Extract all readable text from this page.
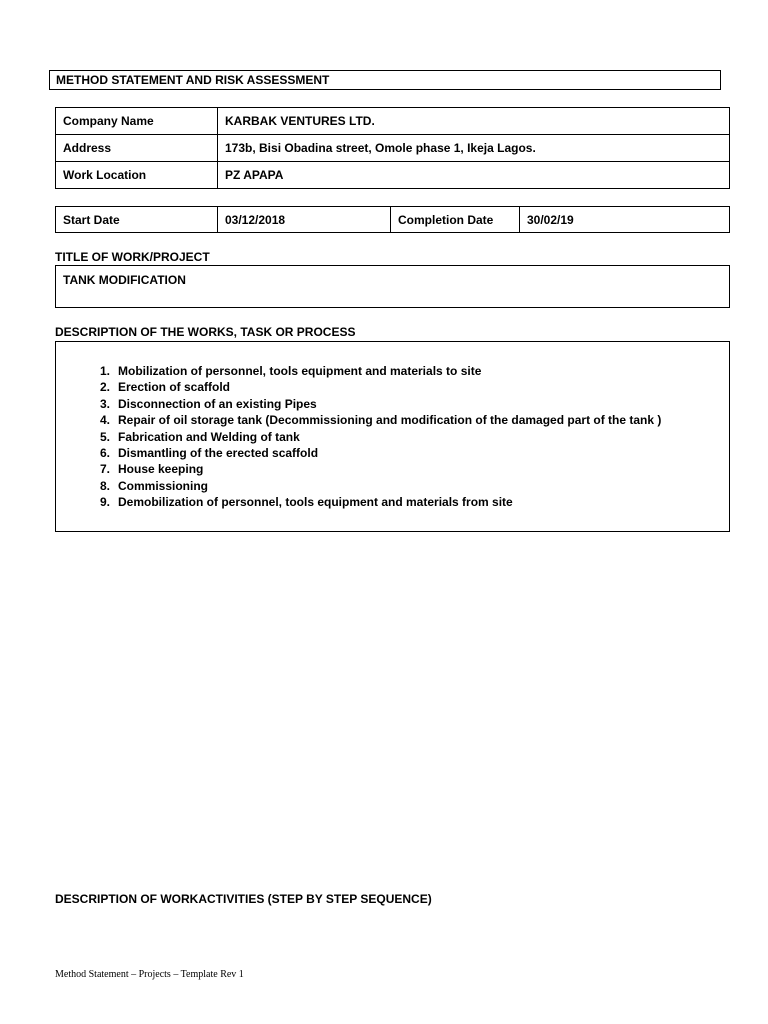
METHOD STATEMENT AND RISK ASSESSMENT
Company Name	KARBAK VENTURES LTD.
Address	173b, Bisi Obadina street, Omole phase 1, Ikeja Lagos.
Work Location	PZ APAPA
Start Date	03/12/2018	Completion Date	30/02/19
TITLE OF WORK/PROJECT
TANK MODIFICATION
DESCRIPTION OF THE WORKS, TASK OR PROCESS
1. Mobilization of personnel, tools equipment and materials to site
2. Erection of scaffold
3. Disconnection of an existing Pipes
4. Repair of oil storage tank (Decommissioning and modification of the damaged part of the tank )
5. Fabrication and Welding of tank
6. Dismantling of the erected scaffold
7. House keeping
8. Commissioning
9. Demobilization of personnel, tools equipment and materials from site
DESCRIPTION OF WORKACTIVITIES (STEP BY STEP SEQUENCE)
Method Statement – Projects – Template Rev 1
